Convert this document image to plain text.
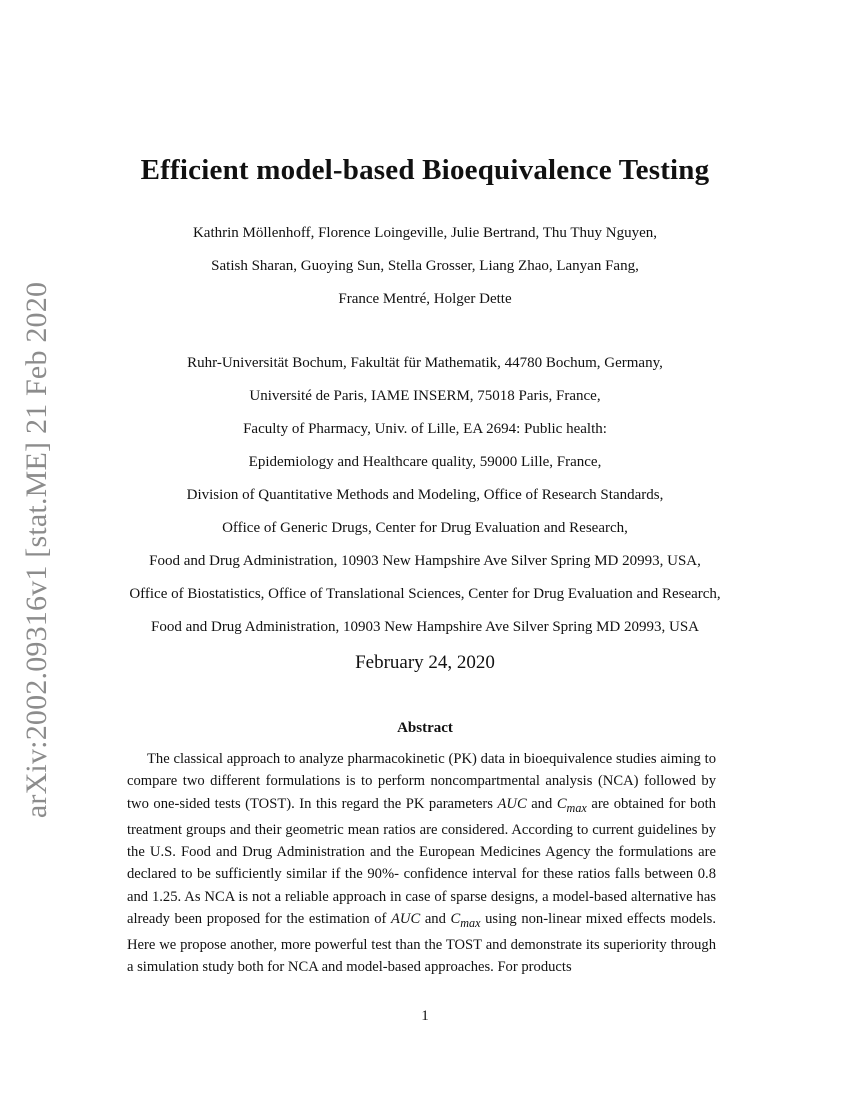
arXiv:2002.09316v1 [stat.ME] 21 Feb 2020
Efficient model-based Bioequivalence Testing
Kathrin Möllenhoff, Florence Loingeville, Julie Bertrand, Thu Thuy Nguyen,
Satish Sharan, Guoying Sun, Stella Grosser, Liang Zhao, Lanyan Fang,
France Mentré, Holger Dette
Ruhr-Universität Bochum, Fakultät für Mathematik, 44780 Bochum, Germany,
Université de Paris, IAME INSERM, 75018 Paris, France,
Faculty of Pharmacy, Univ. of Lille, EA 2694: Public health:
Epidemiology and Healthcare quality, 59000 Lille, France,
Division of Quantitative Methods and Modeling, Office of Research Standards,
Office of Generic Drugs, Center for Drug Evaluation and Research,
Food and Drug Administration, 10903 New Hampshire Ave Silver Spring MD 20993, USA,
Office of Biostatistics, Office of Translational Sciences, Center for Drug Evaluation and Research,
Food and Drug Administration, 10903 New Hampshire Ave Silver Spring MD 20993, USA
February 24, 2020
Abstract
The classical approach to analyze pharmacokinetic (PK) data in bioequivalence studies aiming to compare two different formulations is to perform noncompartmental analysis (NCA) followed by two one-sided tests (TOST). In this regard the PK parameters AUC and $C_{max}$ are obtained for both treatment groups and their geometric mean ratios are considered. According to current guidelines by the U.S. Food and Drug Administration and the European Medicines Agency the formulations are declared to be sufficiently similar if the 90%- confidence interval for these ratios falls between 0.8 and 1.25. As NCA is not a reliable approach in case of sparse designs, a model-based alternative has already been proposed for the estimation of AUC and $C_{max}$ using non-linear mixed effects models. Here we propose another, more powerful test than the TOST and demonstrate its superiority through a simulation study both for NCA and model-based approaches. For products
1
